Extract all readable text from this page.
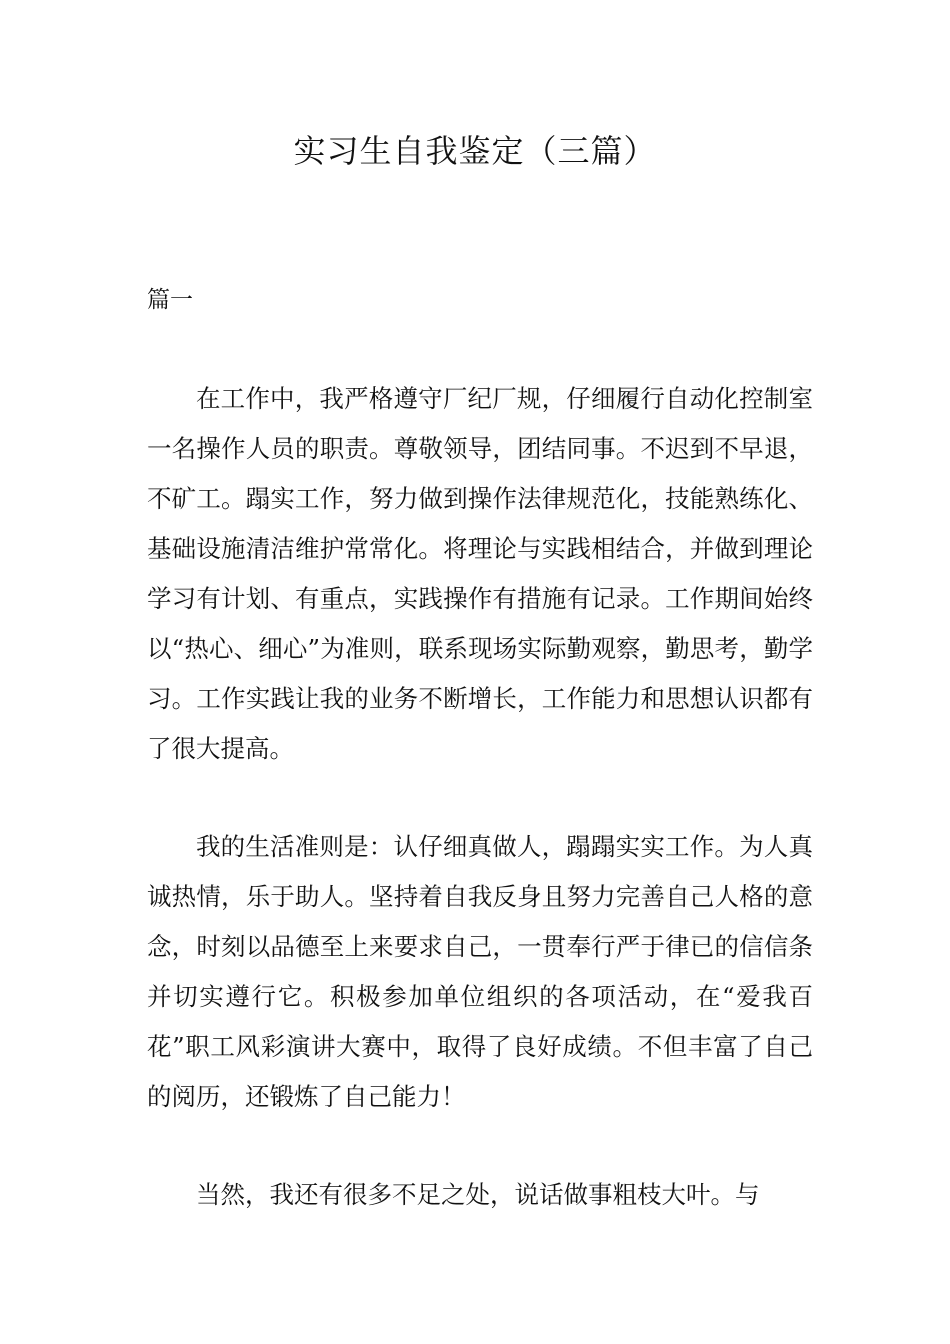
实习生自我鉴定（三篇）
篇一

在工作中，我严格遵守厂纪厂规，仔细履行自动化控制室一名操作人员的职责。尊敬领导，团结同事。不迟到不早退，不矿工。蹋实工作，努力做到操作法律规范化，技能熟练化、基础设施清洁维护常常化。将理论与实践相结合，并做到理论学习有计划、有重点，实践操作有措施有记录。工作期间始终以“热心、细心”为准则，联系现场实际勤观察，勤思考，勤学习。工作实践让我的业务不断增长，工作能力和思想认识都有了很大提高。

我的生活准则是：认仔细真做人，蹋蹋实实工作。为人真诚热情，乐于助人。坚持着自我反身且努力完善自己人格的意念，时刻以品德至上来要求自己，一贯奉行严于律已的信信条并切实遵行它。积极参加单位组织的各项活动，在“爱我百花”职工风彩演讲大赛中，取得了良好成绩。不但丰富了自己的阅历，还锻炼了自己能力！

当然，我还有很多不足之处，说话做事粗枝大叶。与
